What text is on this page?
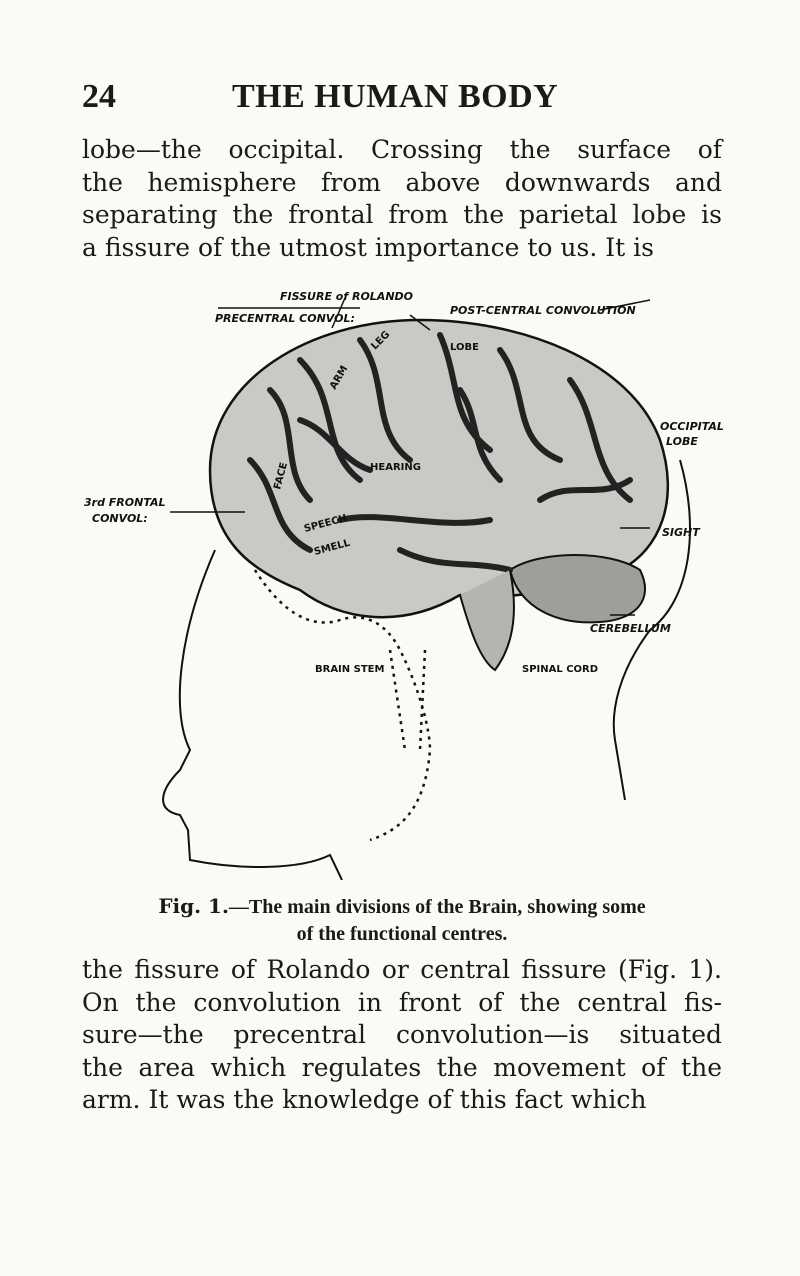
24	THE HUMAN BODY

lobe—the occipital. Crossing the surface of
the hemisphere from above downwards and
separating the frontal from the parietal lobe is
a fissure of the utmost importance to us. It is

FISSURE of ROLANDO
PRECENTRAL CONVOL:
POST-CENTRAL CONVOLUTION
OCCIPITAL
LOBE
3rd FRONTAL
CONVOL:
SIGHT
CEREBELLUM
BRAIN STEM	SPINAL CORD
LEG	LOBE
ARM
FACE	HEARING
SPEECH
SMELL
Fig. 1.—The main divisions of the Brain, showing some
of the functional centres.

the fissure of Rolando or central fissure (Fig. 1).
On the convolution in front of the central fis-
sure—the precentral convolution—is situated
the area which regulates the movement of the
arm. It was the knowledge of this fact which
